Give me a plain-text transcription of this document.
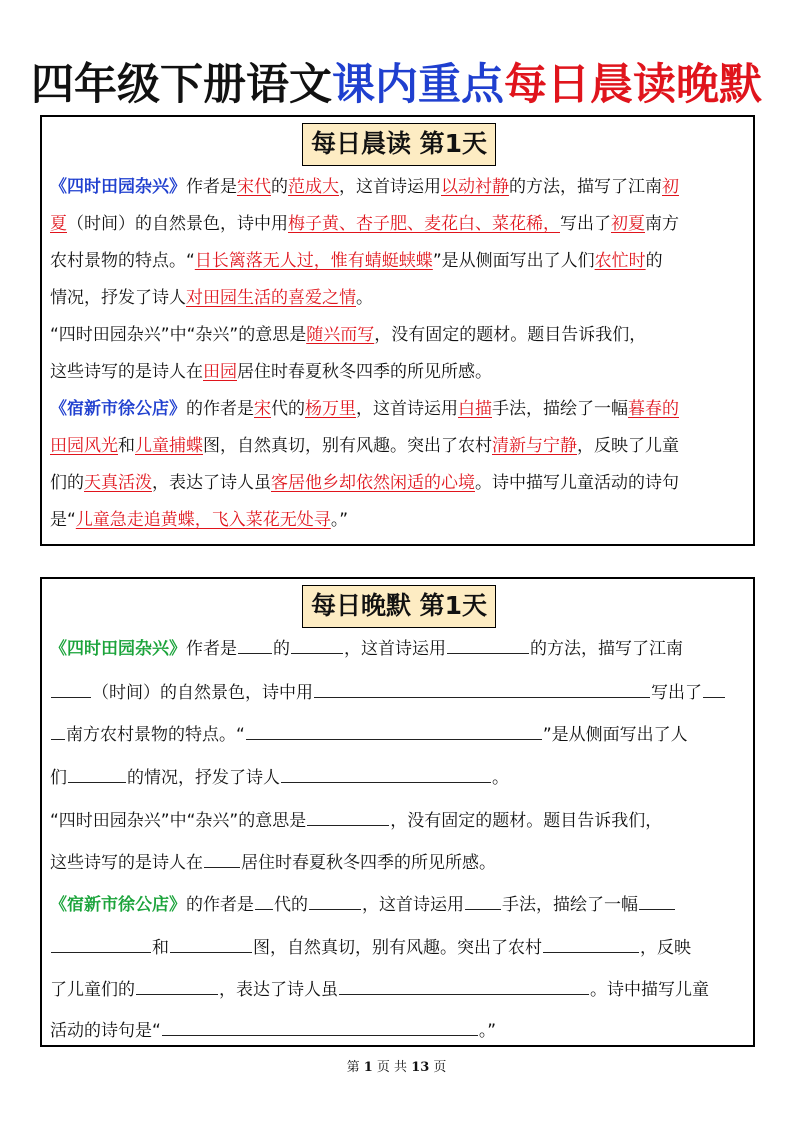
四年级下册语文课内重点每日晨读晚默
每日晨读 第1天
《四时田园杂兴》作者是宋代的范成大，这首诗运用以动衬静的方法，描写了江南初
夏（时间）的自然景色，诗中用梅子黄、杏子肥、麦花白、菜花稀，写出了初夏南方
农村景物的特点。“日长篱落无人过，惟有蜻蜓蛱蝶”是从侧面写出了人们农忙时的
情况，抒发了诗人对田园生活的喜爱之情。
“四时田园杂兴”中“杂兴”的意思是随兴而写，没有固定的题材。题目告诉我们，
这些诗写的是诗人在田园居住时春夏秋冬四季的所见所感。
《宿新市徐公店》的作者是宋代的杨万里，这首诗运用白描手法，描绘了一幅暮春的
田园风光和儿童捕蝶图，自然真切，别有风趣。突出了农村清新与宁静，反映了儿童
们的天真活泼，表达了诗人虽客居他乡却依然闲适的心境。诗中描写儿童活动的诗句
是“儿童急走追黄蝶，飞入菜花无处寻。”
每日晚默 第1天
《四时田园杂兴》作者是 的	，这首诗运用	的方法，描写了江南
（时间）的自然景色，诗中用	写出了
南方农村景物的特点。“	”是从侧面写出了人
们	的情况，抒发了诗人	。
“四时田园杂兴”中“杂兴”的意思是	，没有固定的题材。题目告诉我们，
这些诗写的是诗人在 居住时春夏秋冬四季的所见所感。
《宿新市徐公店》的作者是 代的	，这首诗运用 手法，描绘了一幅
和	图，自然真切，别有风趣。突出了农村	，反映
了儿童们的	，表达了诗人虽	。诗中描写儿童
活动的诗句是“	。”
第 1 页 共 13 页
